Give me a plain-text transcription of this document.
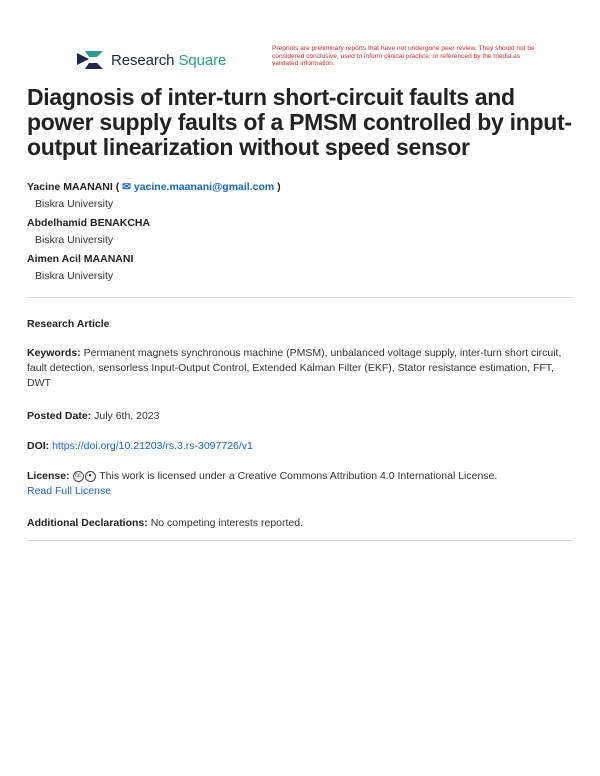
Research Square
Preprints are preliminary reports that have not undergone peer review. They should not be considered conclusive, used to inform clinical practice, or referenced by the media as validated information.
Diagnosis of inter-turn short-circuit faults and power supply faults of a PMSM controlled by input-output linearization without speed sensor
Yacine MAANANI ( ✉ yacine.maanani@gmail.com )
Biskra University
Abdelhamid BENAKCHA
Biskra University
Aimen Acil MAANANI
Biskra University
Research Article
Keywords: Permanent magnets synchronous machine (PMSM), unbalanced voltage supply, inter-turn short circuit, fault detection, sensorless Input-Output Control, Extended Kalman Filter (EKF), Stator resistance estimation, FFT, DWT
Posted Date: July 6th, 2023
DOI: https://doi.org/10.21203/rs.3.rs-3097726/v1
License: cc ● This work is licensed under a Creative Commons Attribution 4.0 International License.
Read Full License
Additional Declarations: No competing interests reported.
